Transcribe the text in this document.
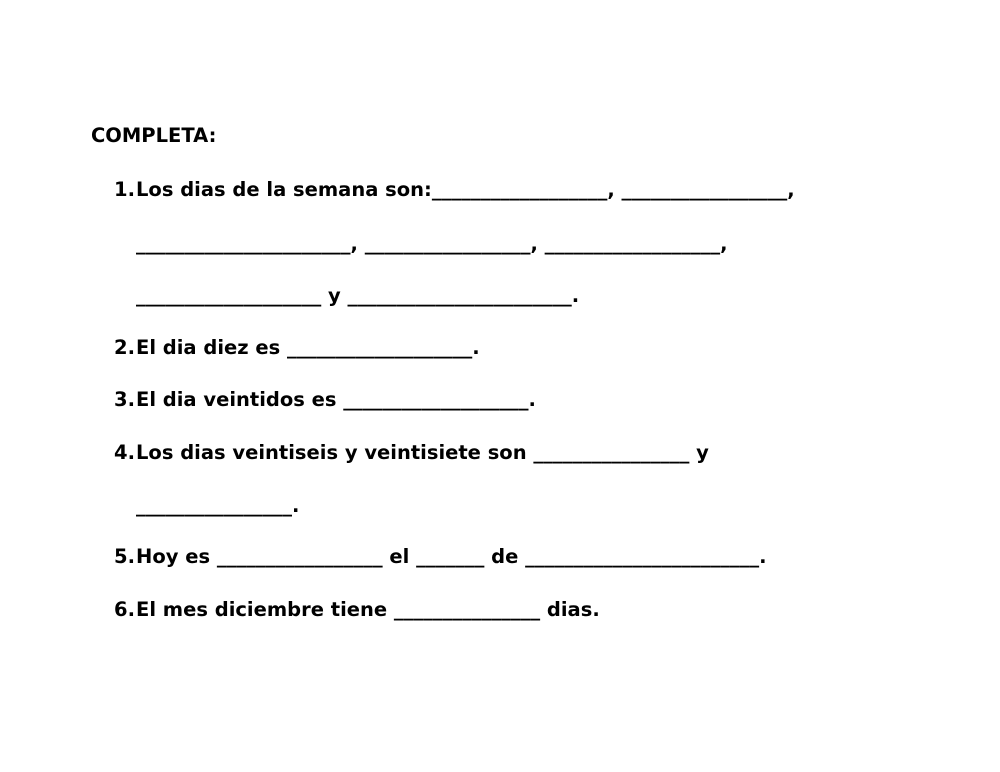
COMPLETA:
1. Los dias de la semana son:__________________, _________________,
______________________, _________________, __________________,
___________________ y _______________________.
2. El dia diez es ___________________.
3. El dia veintidos es ___________________.
4. Los dias veintiseis y veintisiete son ________________ y
________________.
5. Hoy es _________________ el _______ de ________________________.
6. El mes diciembre tiene _______________ dias.
